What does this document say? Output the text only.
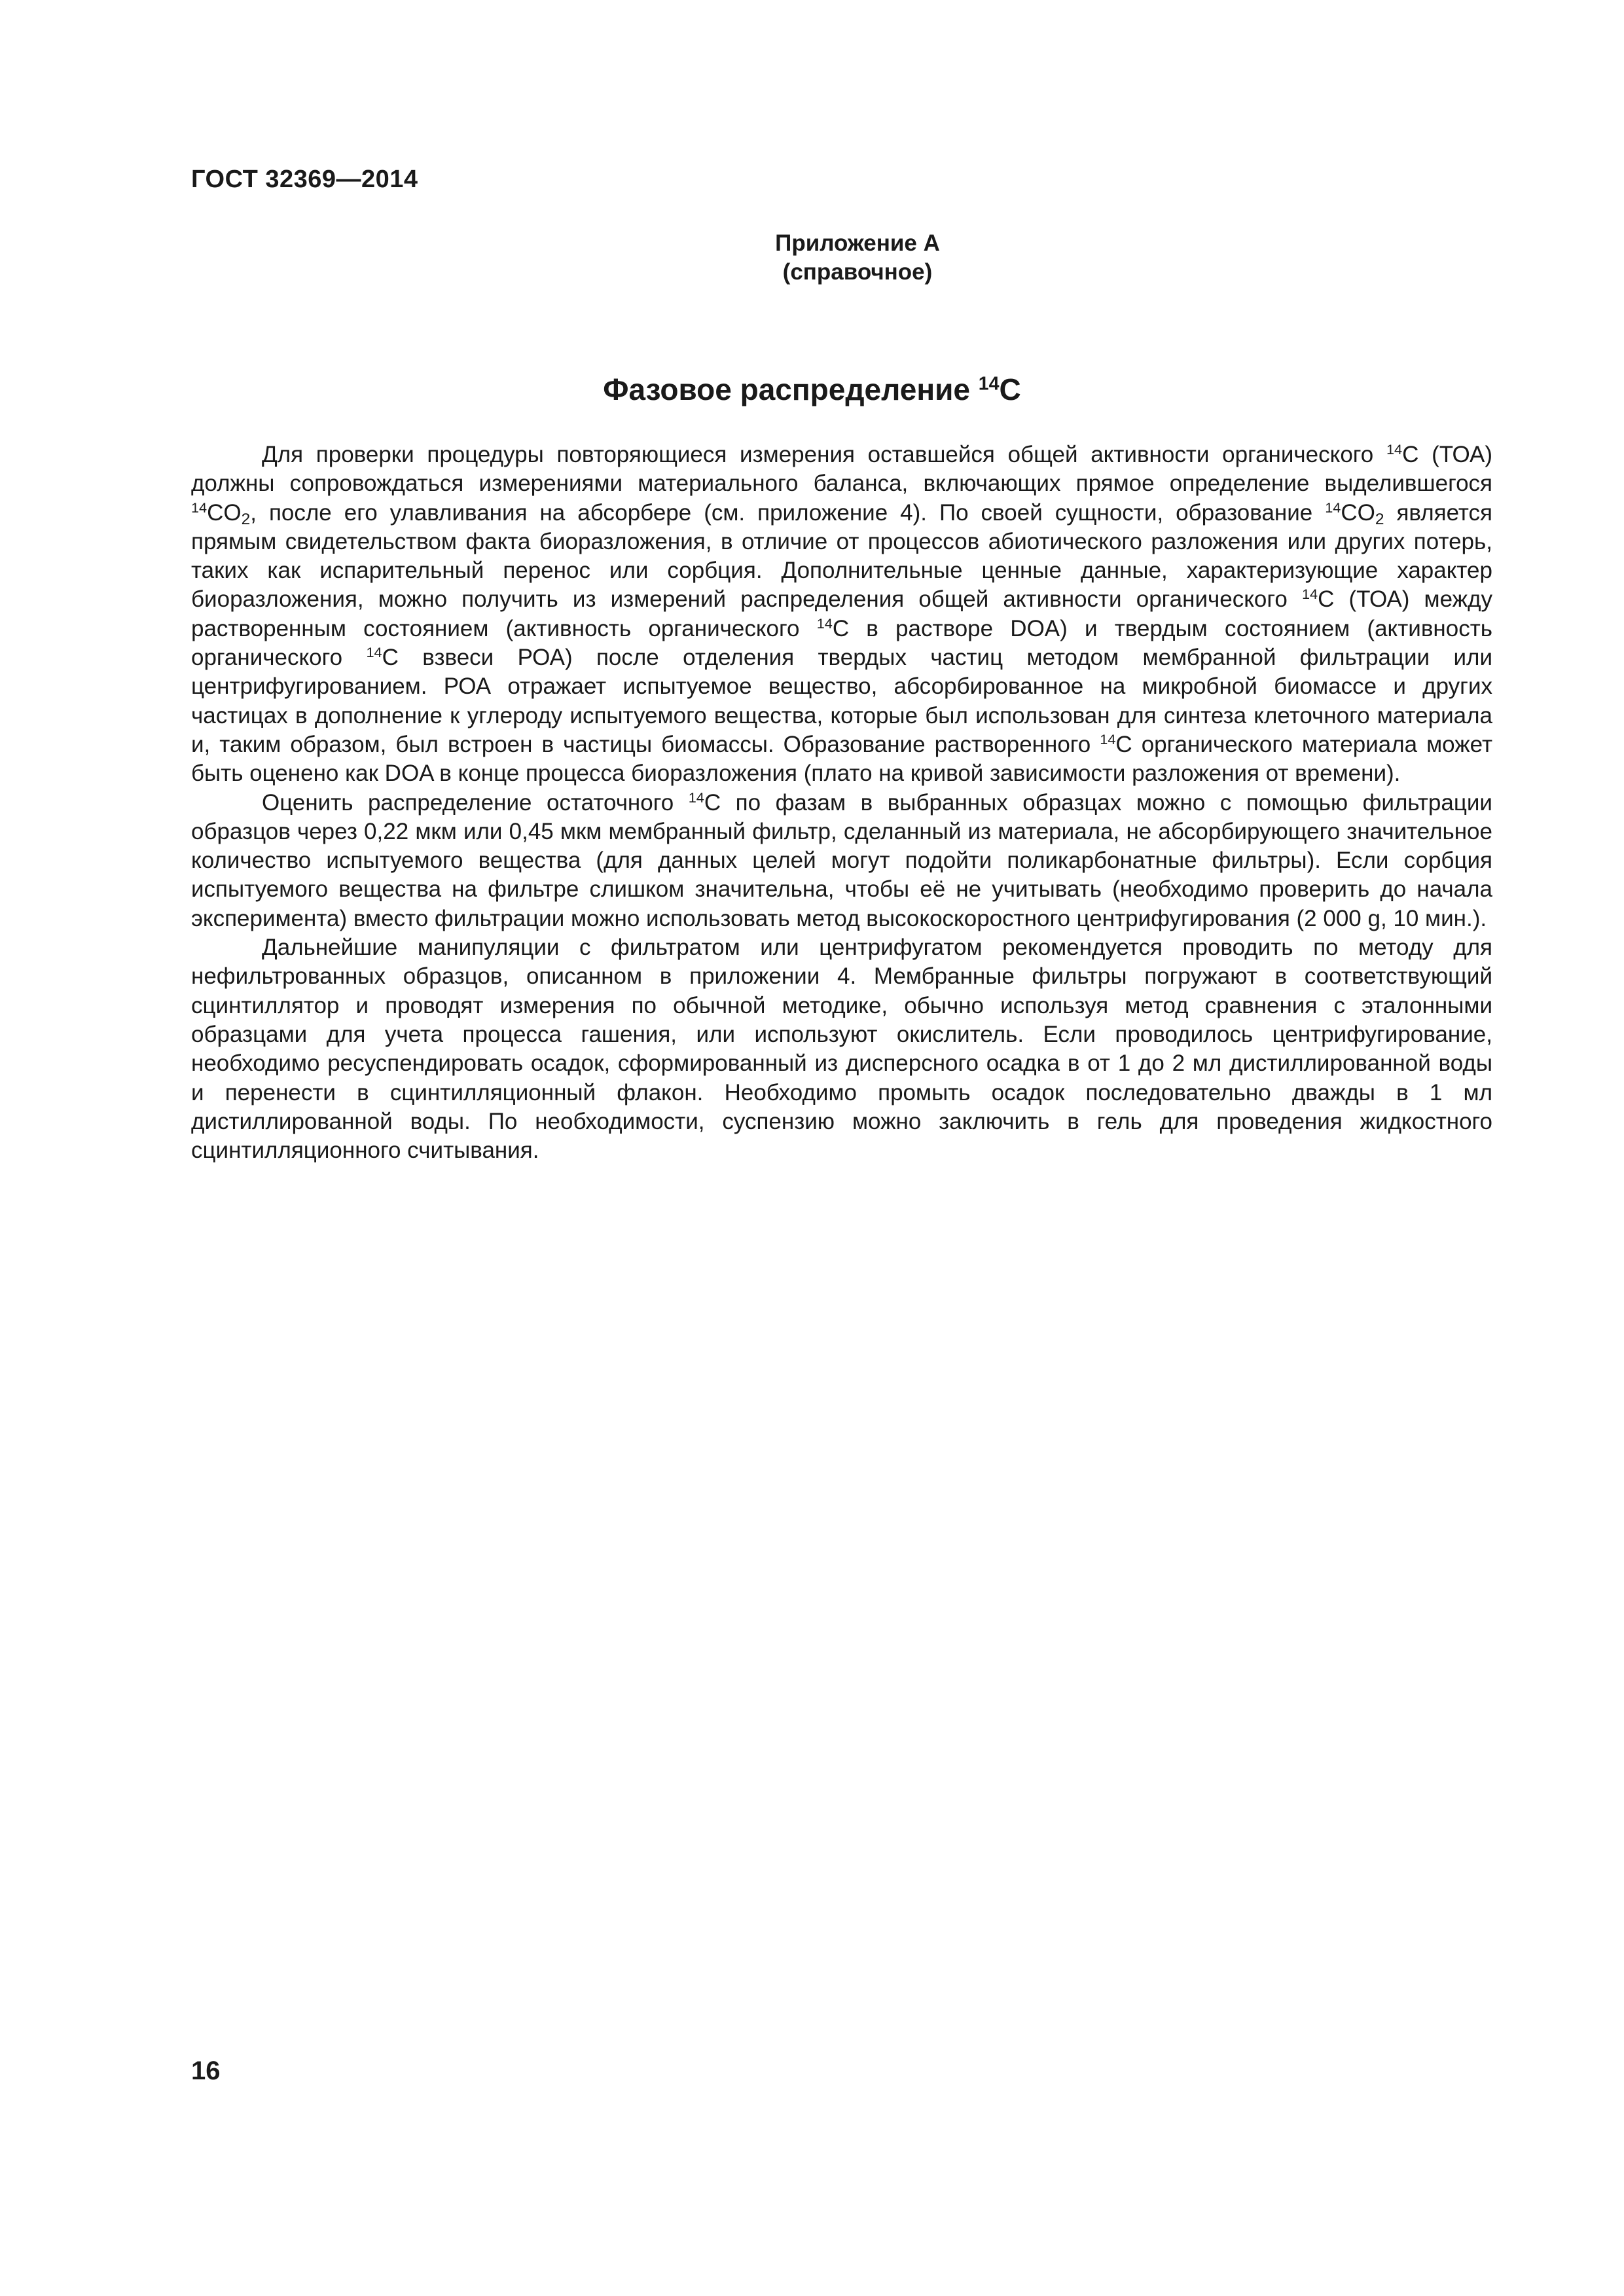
ГОСТ 32369—2014
Приложение А
(справочное)
Фазовое распределение $^{14}$C

Для проверки процедуры повторяющиеся измерения оставшейся общей активности органического $^{14}$C (ТОА) должны сопровождаться измерениями материального баланса, включающих прямое определение выделившегося $^{14}CO_2$, после его улавливания на абсорбере (см. приложение 4). По своей сущности, образование $^{14}CO_2$ является прямым свидетельством факта биоразложения, в отличие от процессов абиотического разложения или других потерь, таких как испарительный перенос или сорбция. Дополнительные ценные данные, характеризующие характер биоразложения, можно получить из измерений распределения общей активности органического $^{14}$C (ТОА) между растворенным состоянием (активность органического $^{14}$C в растворе DOA) и твердым состоянием (активность органического $^{14}$C взвеси РОА) после отделения твердых частиц методом мембранной фильтрации или центрифугированием. РОА отражает испытуемое вещество, абсорбированное на микробной биомассе и других частицах в дополнение к углероду испытуемого вещества, которые был использован для синтеза клеточного материала и, таким образом, был встроен в частицы биомассы. Образование растворенного $^{14}$C органического материала может быть оценено как DOA в конце процесса биоразложения (плато на кривой зависимости разложения от времени).

Оценить распределение остаточного $^{14}$C по фазам в выбранных образцах можно с помощью фильтрации образцов через 0,22 мкм или 0,45 мкм мембранный фильтр, сделанный из материала, не абсорбирующего значительное количество испытуемого вещества (для данных целей могут подойти поликарбонатные фильтры). Если сорбция испытуемого вещества на фильтре слишком значительна, чтобы её не учитывать (необходимо проверить до начала эксперимента) вместо фильтрации можно использовать метод высокоскоростного центрифугирования (2 000 g, 10 мин.).

Дальнейшие манипуляции с фильтратом или центрифугатом рекомендуется проводить по методу для нефильтрованных образцов, описанном в приложении 4. Мембранные фильтры погружают в соответствующий сцинтиллятор и проводят измерения по обычной методике, обычно используя метод сравнения с эталонными образцами для учета процесса гашения, или используют окислитель. Если проводилось центрифугирование, необходимо ресуспендировать осадок, сформированный из дисперсного осадка в от 1 до 2 мл дистиллированной воды и перенести в сцинтилляционный флакон. Необходимо промыть осадок последовательно дважды в 1 мл дистиллированной воды. По необходимости, суспензию можно заключить в гель для проведения жидкостного сцинтилляционного считывания.

16
